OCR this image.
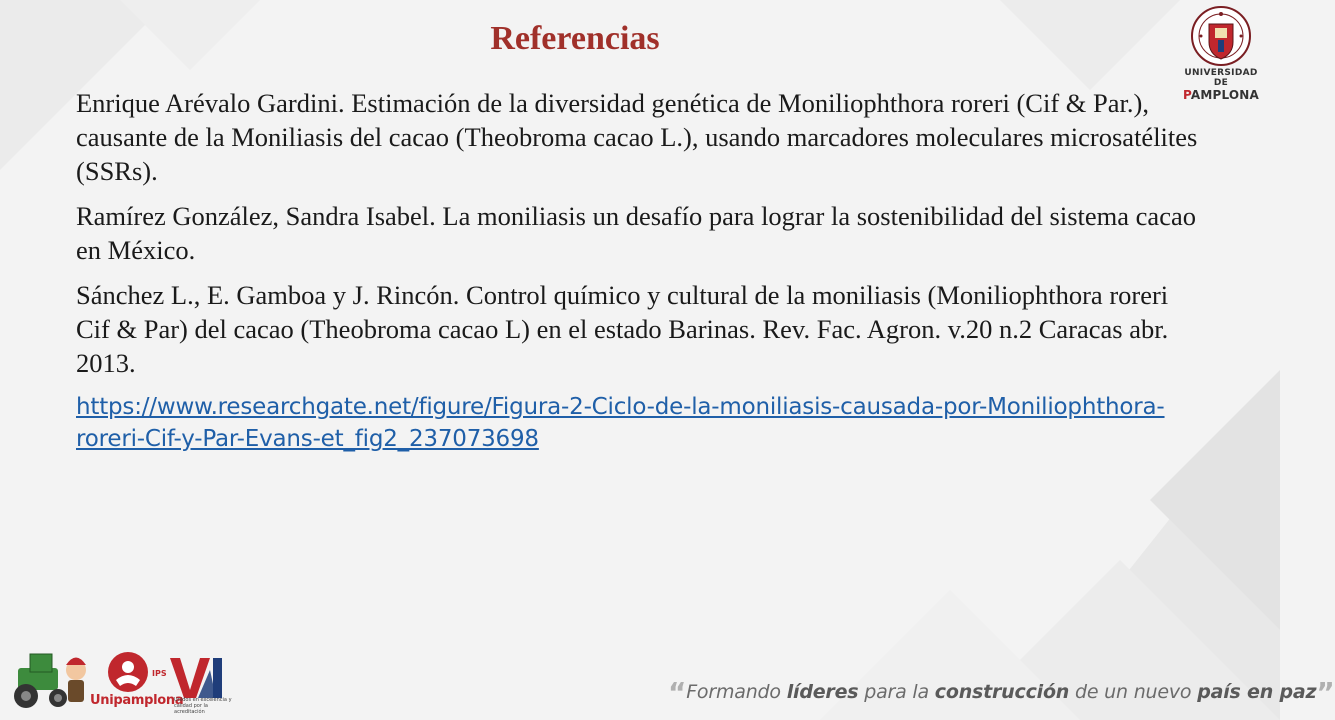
Referencias
UNIVERSIDAD DE
PAMPLONA
Enrique Arévalo Gardini. Estimación de la diversidad genética de Moniliophthora roreri (Cif & Par.), causante de la Moniliasis del cacao (Theobroma cacao L.), usando marcadores moleculares microsatélites (SSRs).
Ramírez González, Sandra Isabel. La moniliasis un desafío para lograr la sostenibilidad del sistema cacao en México.
Sánchez L., E. Gamboa y J. Rincón. Control químico y cultural de la moniliasis (Moniliophthora roreri Cif & Par) del cacao (Theobroma cacao L) en el estado Barinas. Rev. Fac. Agron. v.20 n.2 Caracas abr. 2013.
https://www.researchgate.net/figure/Figura-2-Ciclo-de-la-moniliasis-causada-por-Moniliophthora-roreri-Cif-y-Par-Evans-et_fig2_237073698
IPS
Unipamplona
Unidos en excelencia y calidad por la acreditación
“Formando líderes para la construcción de un nuevo país en paz”
